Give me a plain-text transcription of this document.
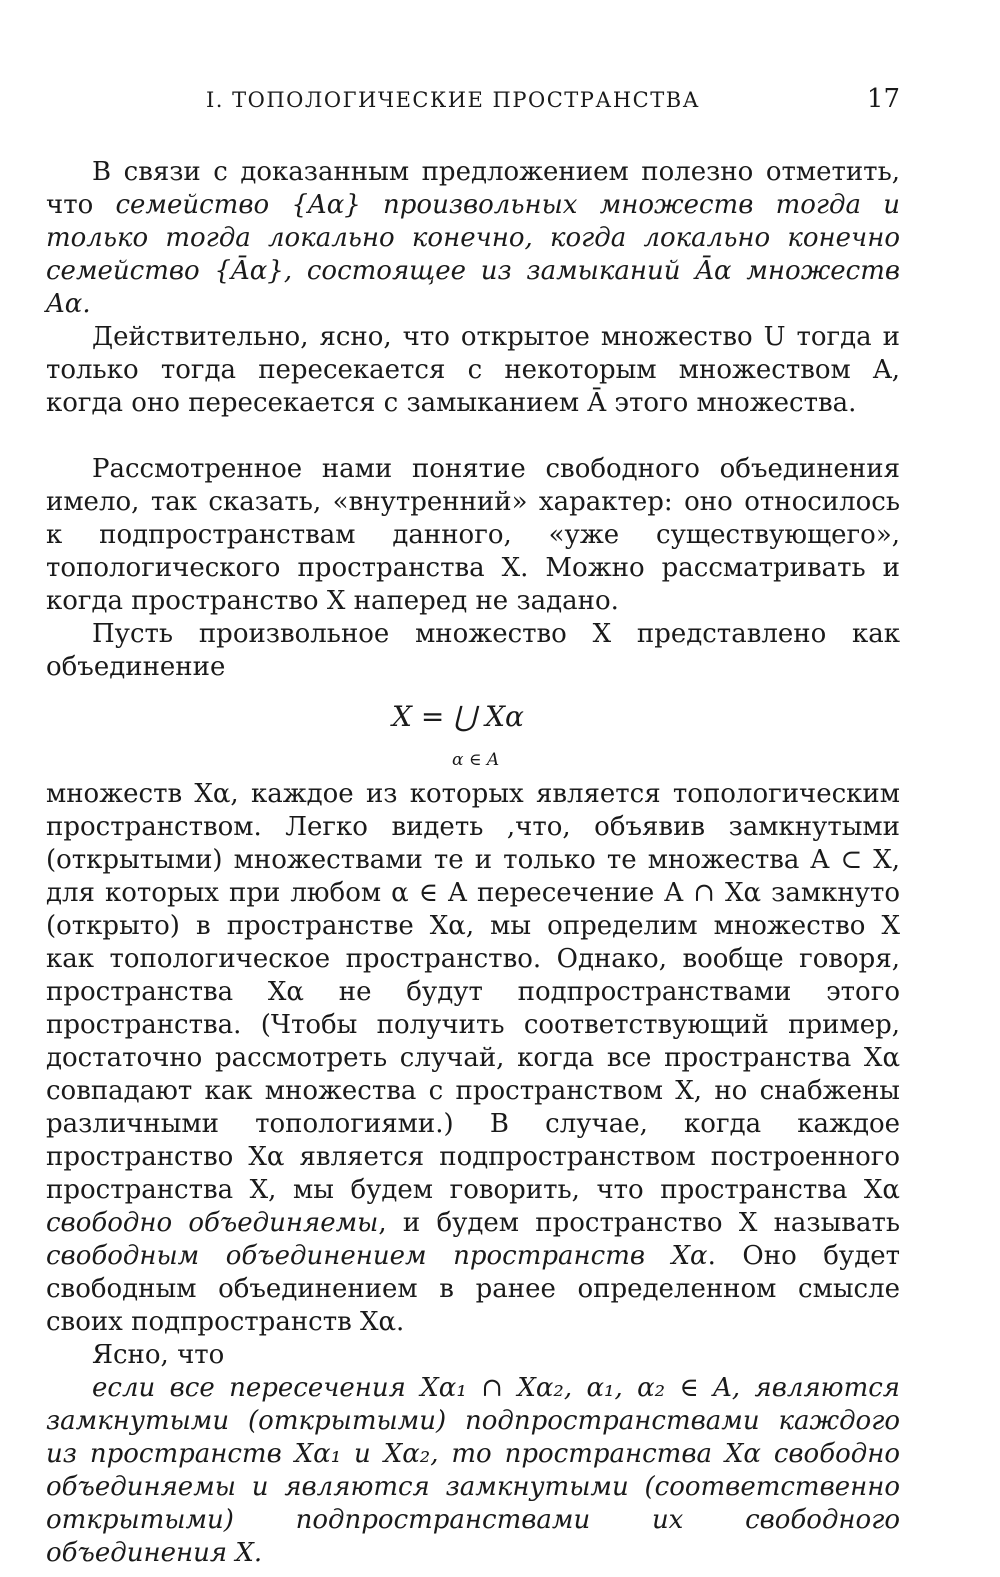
I. ТОПОЛОГИЧЕСКИЕ ПРОСТРАНСТВА	17

В связи с доказанным предложением полезно отметить, что семейство {Aα} произвольных множеств тогда и только тогда локально конечно, когда локально конечно семейство {Āα}, состоящее из замыканий Āα множеств Aα.

Действительно, ясно, что открытое множество U тогда и только тогда пересекается с некоторым множеством A, когда оно пересекается с замыканием Ā этого множества.

Рассмотренное нами понятие свободного объединения имело, так сказать, «внутренний» характер: оно относилось к подпространствам данного, «уже существующего», топологического пространства X. Можно рассматривать и когда пространство X наперед не задано.

Пусть произвольное множество X представлено как объединение

X = ⋃ Xα
α ∈ A

множеств Xα, каждое из которых является топологическим пространством. Легко видеть ,что, объявив замкнутыми (открытыми) множествами те и только те множества A ⊂ X, для которых при любом α ∈ A пересечение A ∩ Xα замкнуто (открыто) в пространстве Xα, мы определим множество X как топологическое пространство. Однако, вообще говоря, пространства Xα не будут подпространствами этого пространства. (Чтобы получить соответствующий пример, достаточно рассмотреть случай, когда все пространства Xα совпадают как множества с пространством X, но снабжены различными топологиями.) В случае, когда каждое пространство Xα является подпространством построенного пространства X, мы будем говорить, что пространства Xα свободно объединяемы, и будем пространство X называть свободным объединением пространств Xα. Оно будет свободным объединением в ранее определенном смысле своих подпространств Xα.

Ясно, что

если все пересечения Xα₁ ∩ Xα₂, α₁, α₂ ∈ A, являются замкнутыми (открытыми) подпространствами каждого из пространств Xα₁ и Xα₂, то пространства Xα свободно объединяемы и являются замкнутыми (соответственно открытыми) подпространствами их свободного объединения X.
